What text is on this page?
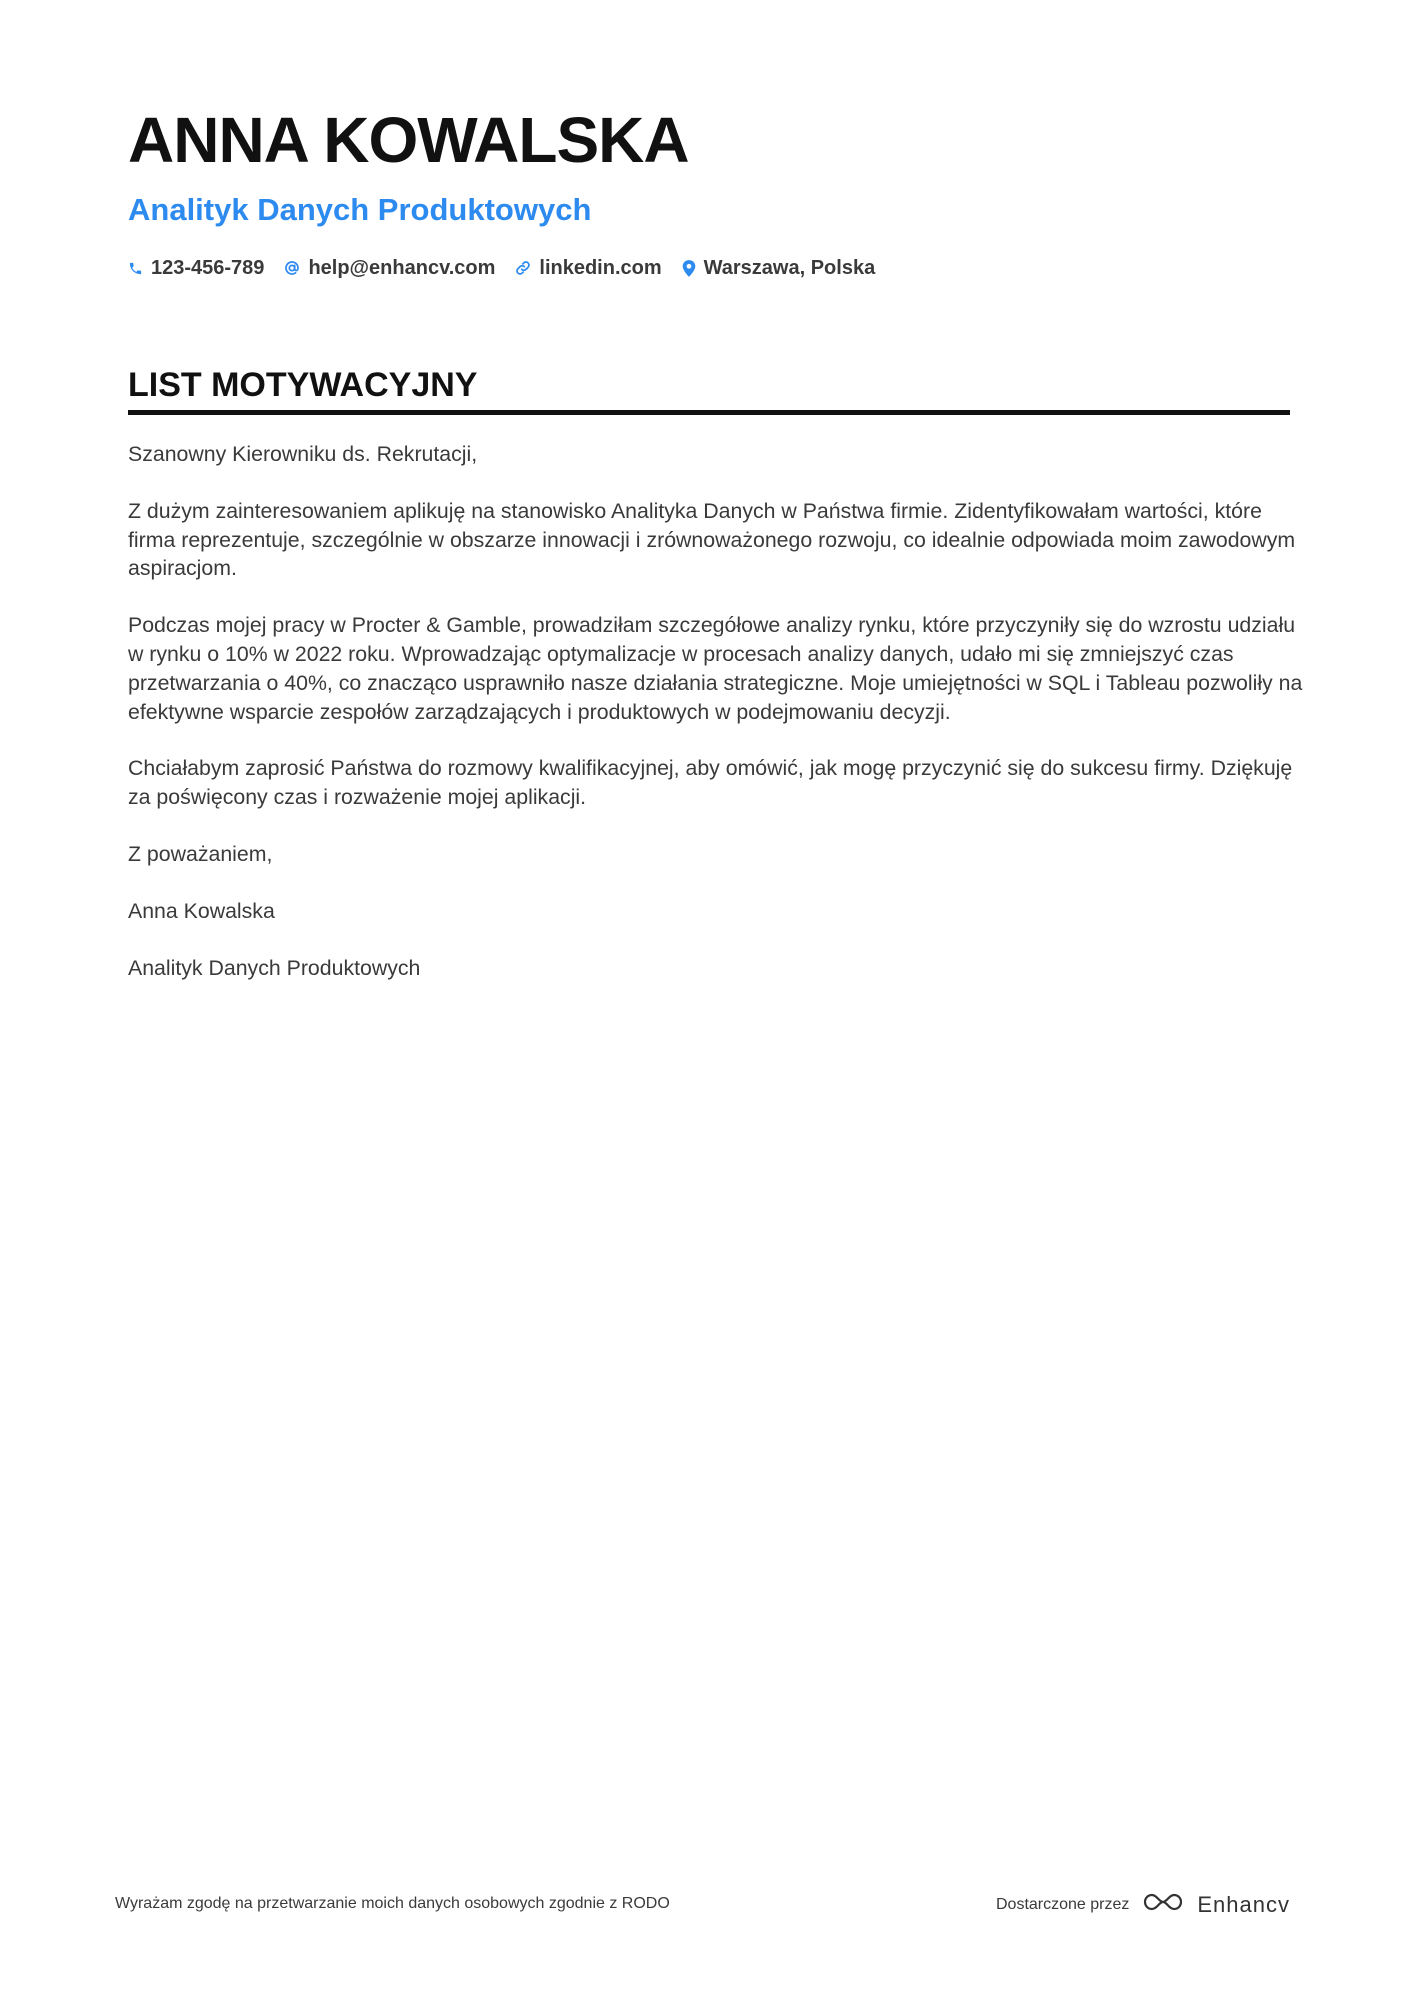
ANNA KOWALSKA
Analityk Danych Produktowych
123-456-789 help@enhancv.com linkedin.com Warszawa, Polska
LIST MOTYWACYJNY

Szanowny Kierowniku ds. Rekrutacji,

Z dużym zainteresowaniem aplikuję na stanowisko Analityka Danych w Państwa firmie. Zidentyfikowałam wartości, które firma reprezentuje, szczególnie w obszarze innowacji i zrównoważonego rozwoju, co idealnie odpowiada moim zawodowym aspiracjom.

Podczas mojej pracy w Procter & Gamble, prowadziłam szczegółowe analizy rynku, które przyczyniły się do wzrostu udziału w rynku o 10% w 2022 roku. Wprowadzając optymalizacje w procesach analizy danych, udało mi się zmniejszyć czas przetwarzania o 40%, co znacząco usprawniło nasze działania strategiczne. Moje umiejętności w SQL i Tableau pozwoliły na efektywne wsparcie zespołów zarządzających i produktowych w podejmowaniu decyzji.

Chciałabym zaprosić Państwa do rozmowy kwalifikacyjnej, aby omówić, jak mogę przyczynić się do sukcesu firmy. Dziękuję za poświęcony czas i rozważenie mojej aplikacji.

Z poważaniem,

Anna Kowalska

Analityk Danych Produktowych

Wyrażam zgodę na przetwarzanie moich danych osobowych zgodnie z RODO	Dostarczone przez	Enhancv
